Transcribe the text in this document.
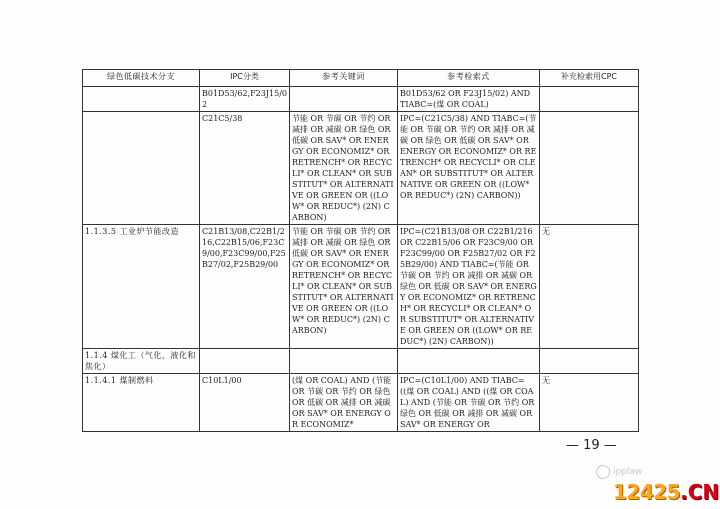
绿色低碳技术分支	IPC分类	参考关键词	参考检索式	补充检索用CPC
	B01D53/62,F23J15/02		B01D53/62 OR F23J15/02) AND TIABC=(煤 OR COAL)	
	C21C5/38	节能 OR 节碳 OR 节约 OR 减排 OR 减碳 OR 绿色 OR 低碳 OR SAV* OR ENERGY OR ECONOMIZ* OR RETRENCH* OR RECYCLI* OR CLEAN* OR SUBSTITUT* OR ALTERNATIVE OR GREEN OR ((LOW* OR REDUC*) (2N) CARBON)	IPC=(C21C5/38) AND TIABC=(节能 OR 节碳 OR 节约 OR 减排 OR 减碳 OR 绿色 OR 低碳 OR SAV* OR ENERGY OR ECONOMIZ* OR RETRENCH* OR RECYCLI* OR CLEAN* OR SUBSTITUT* OR ALTERNATIVE OR GREEN OR ((LOW* OR REDUC*) (2N) CARBON))	
1.1.3.5 工业炉节能改造	C21B13/08,C22B1/216,C22B15/06,F23C9/00,F23C99/00,F25B27/02,F25B29/00	节能 OR 节碳 OR 节约 OR 减排 OR 减碳 OR 绿色 OR 低碳 OR SAV* OR ENERGY OR ECONOMIZ* OR RETRENCH* OR RECYCLI* OR CLEAN* OR SUBSTITUT* OR ALTERNATIVE OR GREEN OR ((LOW* OR REDUC*) (2N) CARBON)	IPC=(C21B13/08 OR C22B1/216 OR C22B15/06 OR F23C9/00 OR F23C99/00 OR F25B27/02 OR F25B29/00) AND TIABC=(节能 OR 节碳 OR 节约 OR 减排 OR 减碳 OR 绿色 OR 低碳 OR SAV* OR ENERGY OR ECONOMIZ* OR RETRENCH* OR RECYCLI* OR CLEAN* OR SUBSTITUT* OR ALTERNATIVE OR GREEN OR ((LOW* OR REDUC*) (2N) CARBON))	无
1.1.4 煤化工（气化、液化和焦化）				
1.1.4.1 煤制燃料	C10L1/00	(煤 OR COAL) AND (节能 OR 节碳 OR 节约 OR 绿色 OR 低碳 OR 减排 OR 减碳 OR SAV* OR ENERGY OR ECONOMIZ*	IPC=(C10L1/00) AND TIABC=((煤 OR COAL) AND ((煤 OR COAL) AND (节能 OR 节碳 OR 节约 OR 绿色 OR 低碳 OR 减排 OR 减碳 OR SAV* OR ENERGY OR	无
— 19 —
ipplaw
12425 .CN
